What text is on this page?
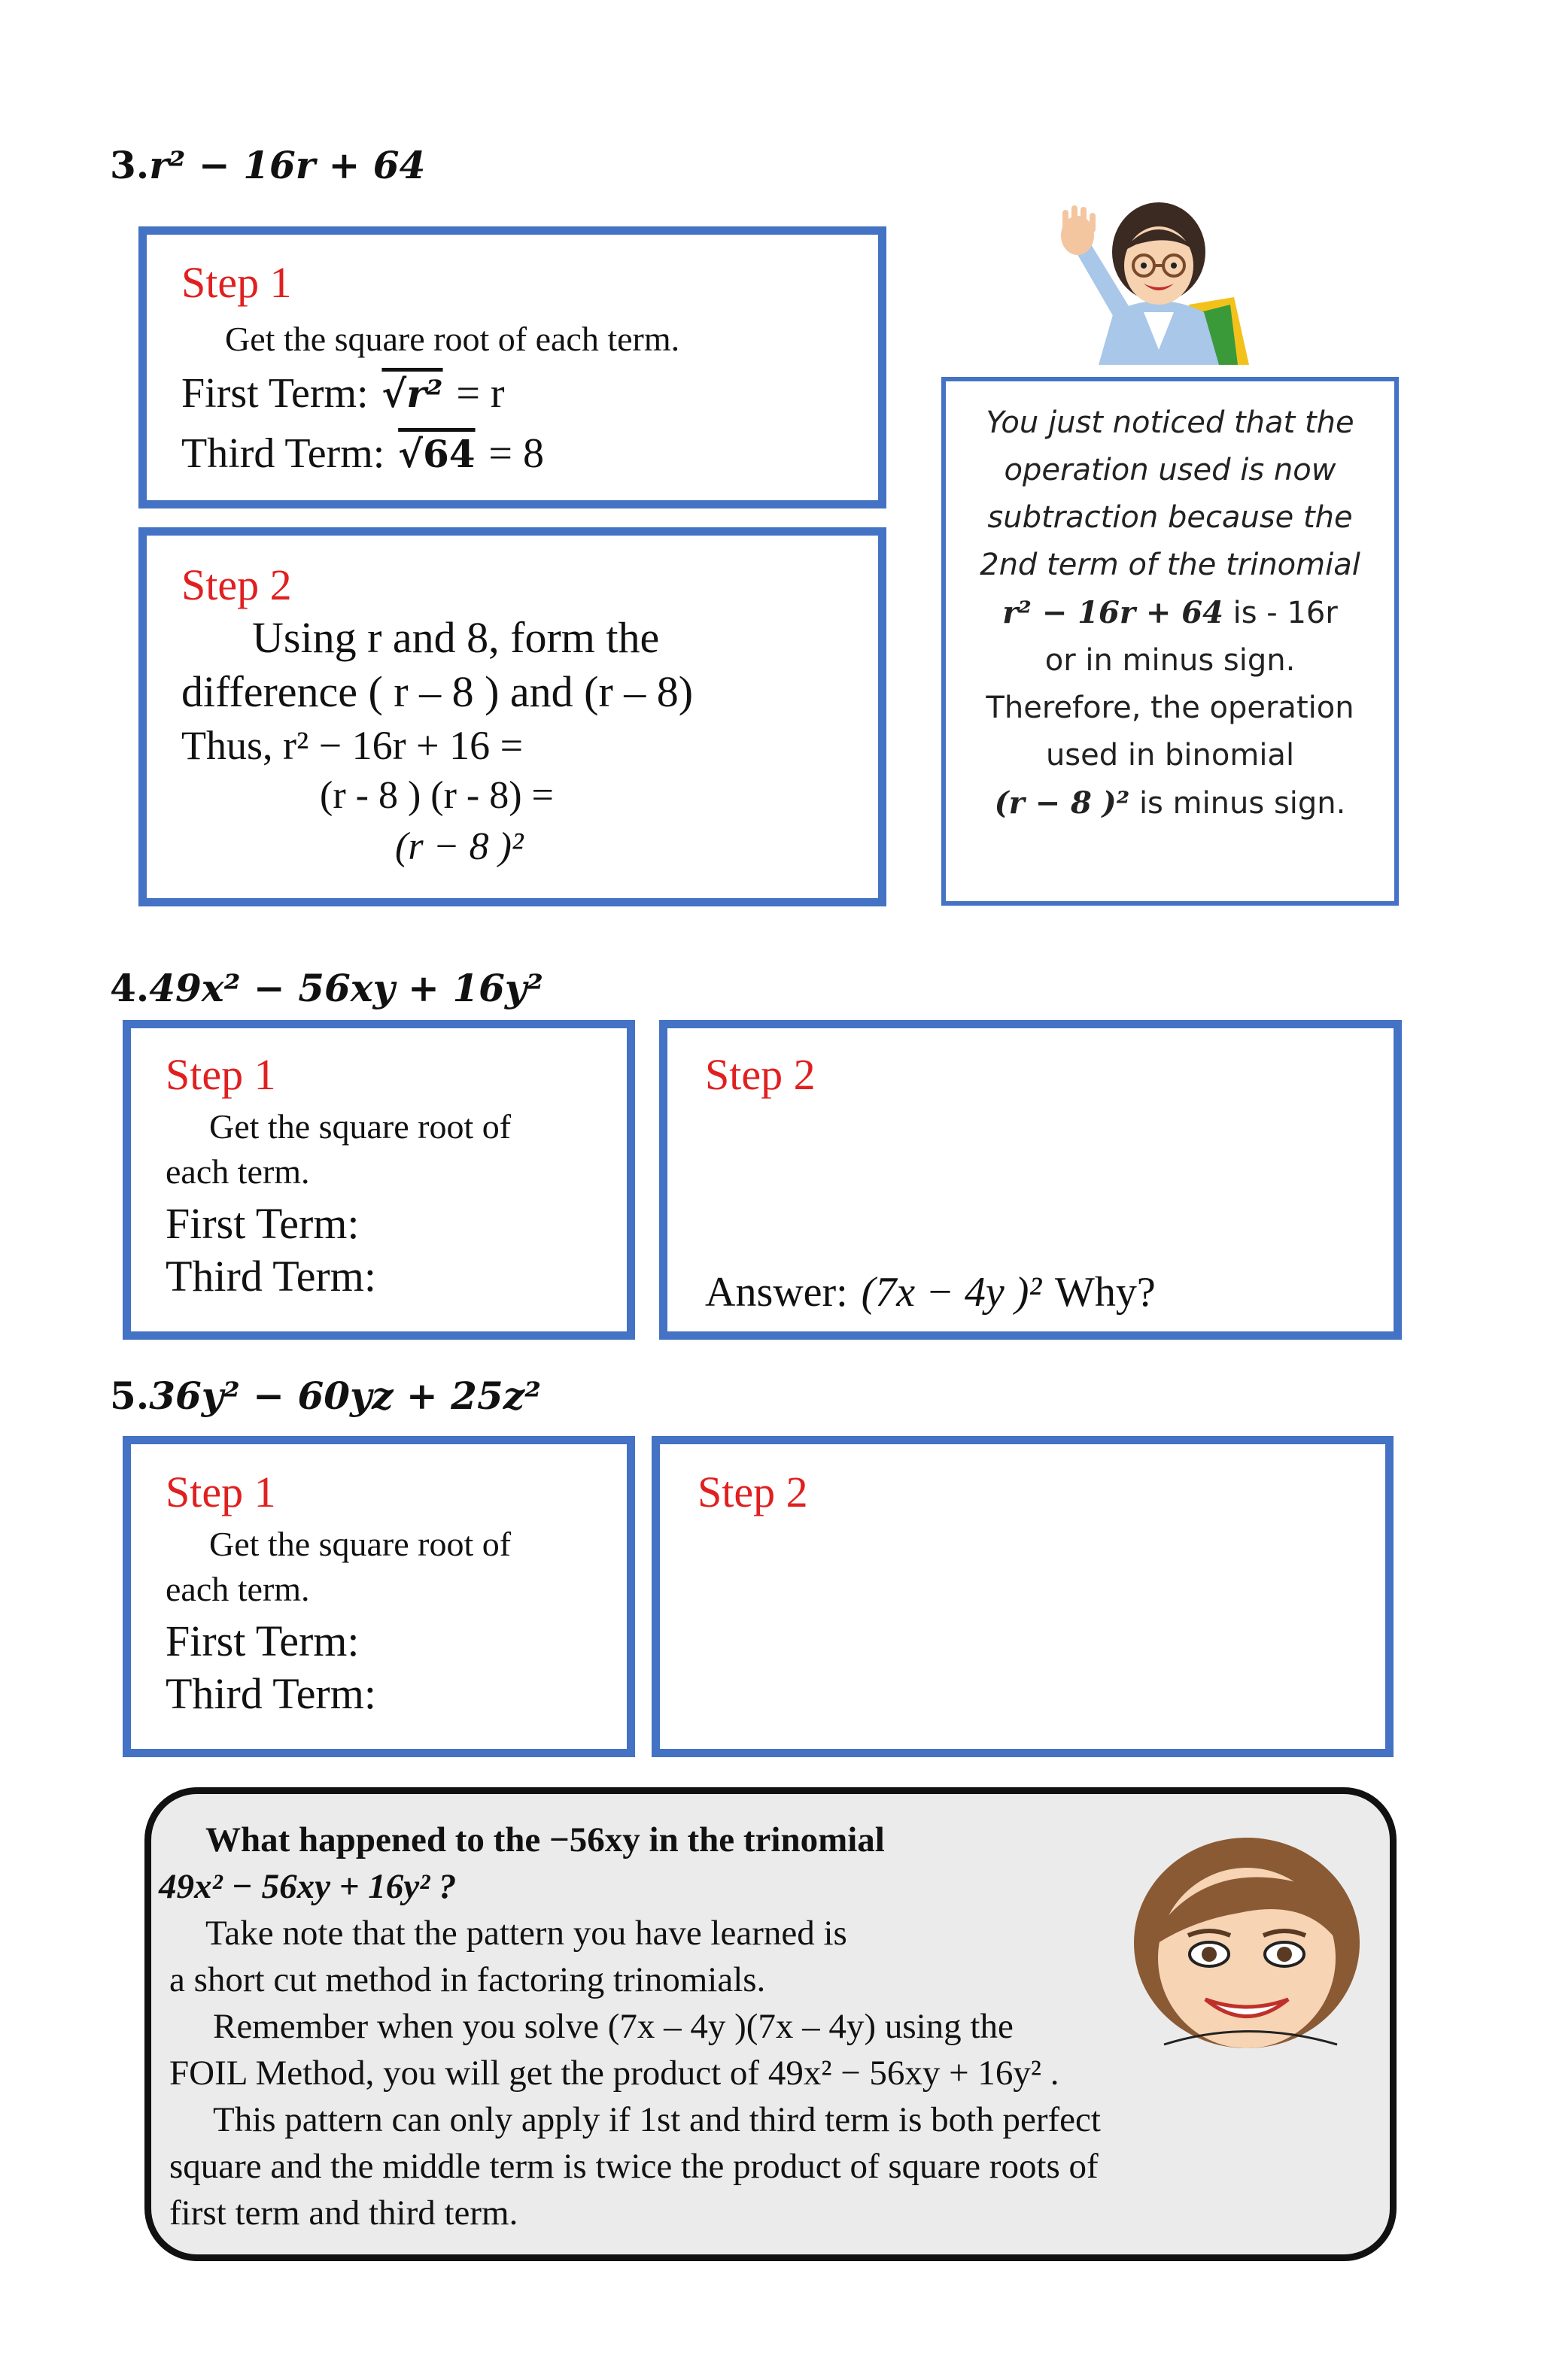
3.r² − 16r + 64
Step 1
Get the square root of each term.
First Term: √r² = r
Third Term: √64 = 8
Step 2
Using r and 8, form the
difference ( r – 8 ) and (r – 8)
Thus, r² − 16r + 16 =
(r - 8 ) (r - 8) =
(r − 8 )²
You just noticed that the
operation used is now
subtraction because the
2nd term of the trinomial
r² − 16r + 64 is - 16r
or in minus sign.
Therefore, the operation
used in binomial
(r − 8 )² is minus sign.
4.49x² − 56xy + 16y²
Step 1
Get the square root of
each term.
First Term:
Third Term:
Step 2
Answer: (7x − 4y )² Why?
5.36y² − 60yz + 25z²
Step 1
Get the square root of
each term.
First Term:
Third Term:
Step 2
What happened to the −56xy in the trinomial
49x² − 56xy + 16y² ?
Take note that the pattern you have learned is
a short cut method in factoring trinomials.
Remember when you solve (7x – 4y )(7x – 4y) using the
FOIL Method, you will get the product of 49x² − 56xy + 16y² .
This pattern can only apply if 1st and third term is both perfect
square and the middle term is twice the product of square roots of
first term and third term.
